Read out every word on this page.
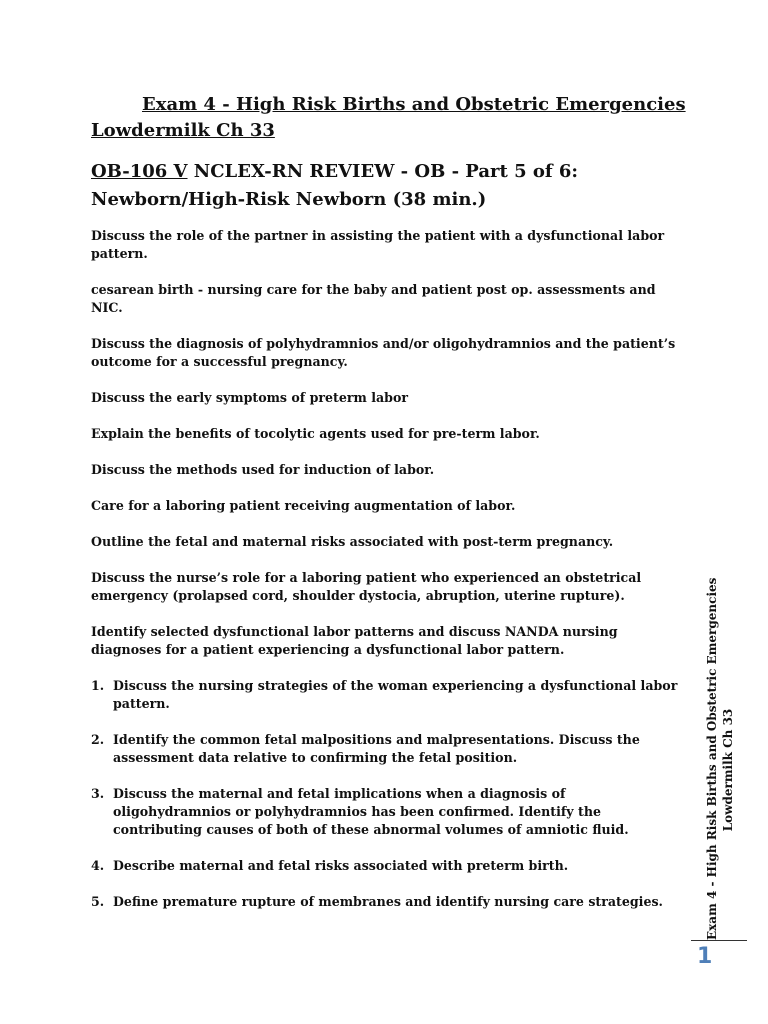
Exam 4 - High Risk Births and Obstetric Emergencies
Lowdermilk Ch 33
OB-106 V NCLEX-RN REVIEW - OB - Part 5 of 6: Newborn/High-Risk Newborn (38 min.)

Discuss the role of the partner in assisting the patient with a dysfunctional labor pattern.

cesarean birth - nursing care for the baby and patient post op. assessments and NIC.

Discuss the diagnosis of polyhydramnios and/or oligohydramnios and the patient’s outcome for a successful pregnancy.

Discuss the early symptoms of preterm labor

Explain the benefits of tocolytic agents used for pre-term labor.

Discuss the methods used for induction of labor.

Care for a laboring patient receiving augmentation of labor.

Outline the fetal and maternal risks associated with post-term pregnancy.

Discuss the nurse’s role for a laboring patient who experienced an obstetrical emergency (prolapsed cord, shoulder dystocia, abruption, uterine rupture).

Identify selected dysfunctional labor patterns and discuss NANDA nursing diagnoses for a patient experiencing a dysfunctional labor pattern.

1. Discuss the nursing strategies of the woman experiencing a dysfunctional labor pattern.
2. Identify the common fetal malpositions and malpresentations. Discuss the assessment data relative to confirming the fetal position.
3. Discuss the maternal and fetal implications when a diagnosis of oligohydramnios or polyhydramnios has been confirmed. Identify the contributing causes of both of these abnormal volumes of amniotic fluid.
4. Describe maternal and fetal risks associated with preterm birth.
5. Define premature rupture of membranes and identify nursing care strategies.	Exam 4 - High Risk Births and Obstetric Emergencies Lowdermilk Ch 33
1
